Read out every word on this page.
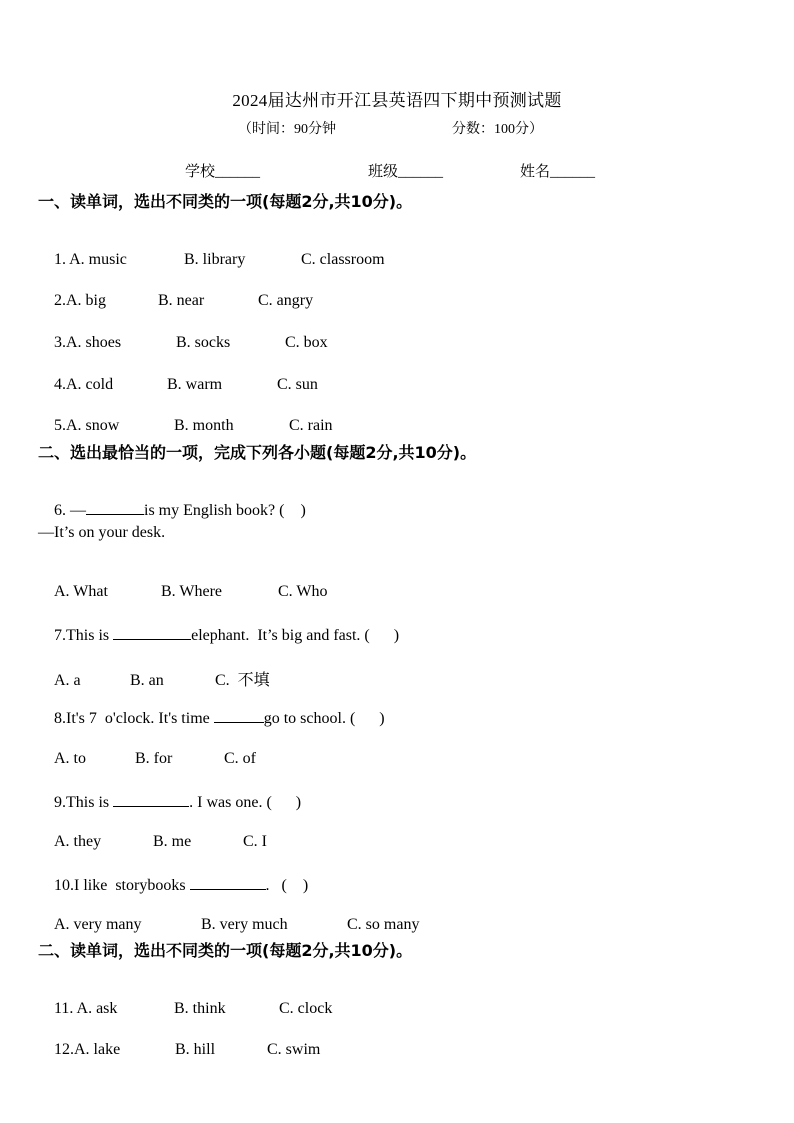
2024届达州市开江县英语四下期中预测试题
（时间：90分钟	分数：100分）
学校______	班级______	姓名______
一、读单词，选出不同类的一项(每题2分,共10分)。

1. A. music	B. library	C. classroom

2.A. big	B. near	C. angry

3.A. shoes	B. socks	C. box

4.A. cold	B. warm	C. sun

5.A. snow	B. month	C. rain

二、选出最恰当的一项，完成下列各小题(每题2分,共10分)。

6. —	is my English book? (    )

—It’s on your desk.

A. What	B. Where	C. Who

7.This is	elephant.  It’s big and fast. (      )

A. a	B. an	C.  不填

8.It's 7  o'clock. It's time	go to school. (      )

A. to	B. for	C. of

9.This is	. I was one. (      )

A. they	B. me	C. I

10.I like  storybooks	.   (    )

A. very many	B. very much	C. so many

二、读单词，选出不同类的一项(每题2分,共10分)。

11. A. ask	B. think	C. clock

12.A. lake	B. hill	C. swim
